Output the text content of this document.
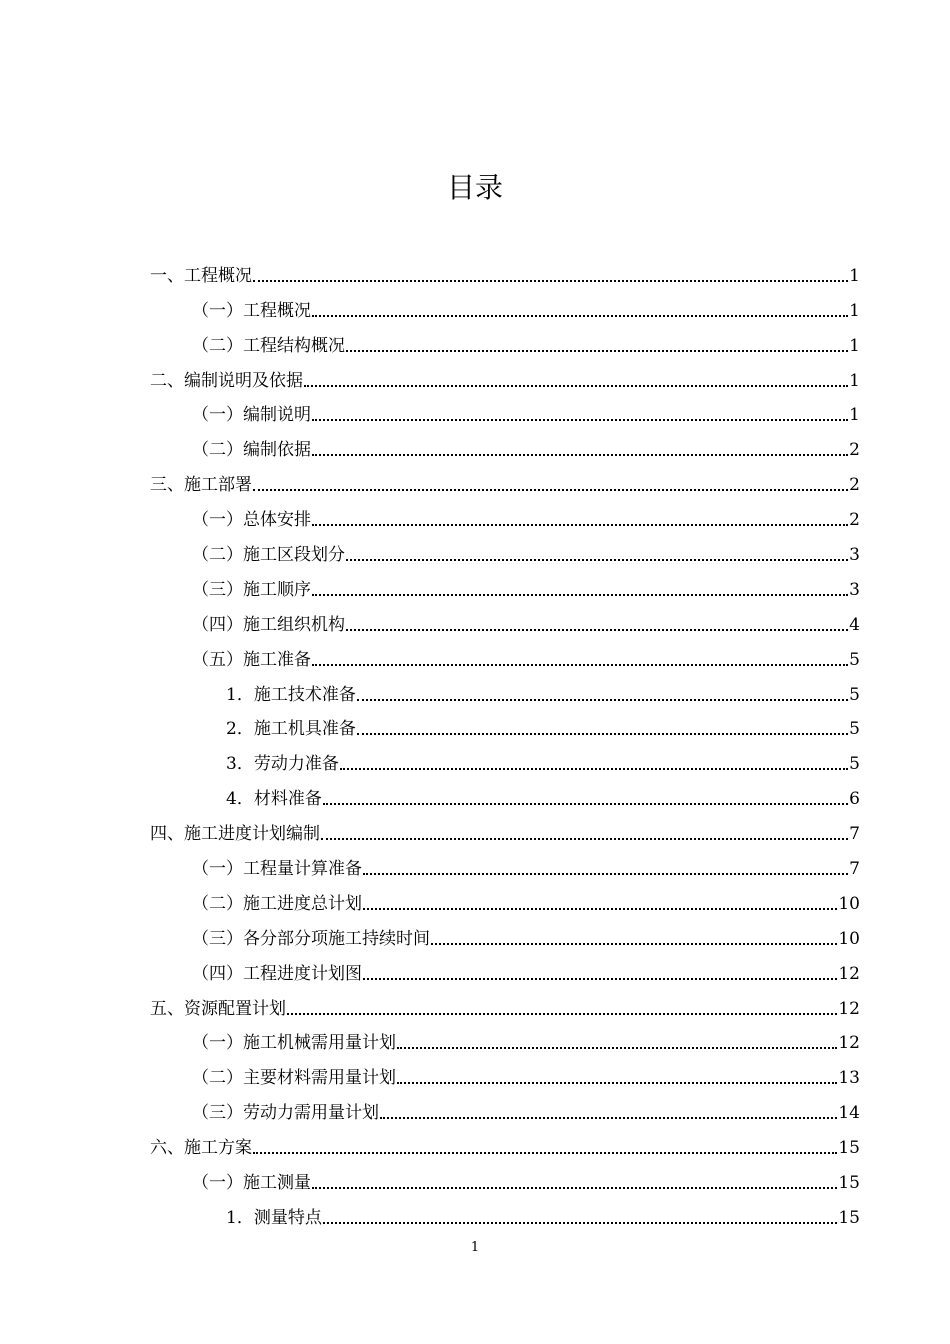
目录
一、工程概况	1
（一）工程概况	1
（二）工程结构概况	1
二、编制说明及依据	1
（一）编制说明	1
（二）编制依据	2
三、施工部署	2
（一）总体安排	2
（二）施工区段划分	3
（三）施工顺序	3
（四）施工组织机构	4
（五）施工准备	5
1．施工技术准备	5
2．施工机具准备	5
3．劳动力准备	5
4．材料准备	6
四、施工进度计划编制	7
（一）工程量计算准备	7
（二）施工进度总计划	10
（三）各分部分项施工持续时间	10
（四）工程进度计划图	12
五、资源配置计划	12
（一）施工机械需用量计划	12
（二）主要材料需用量计划	13
（三）劳动力需用量计划	14
六、施工方案	15
（一）施工测量	15
1．测量特点	15
1
